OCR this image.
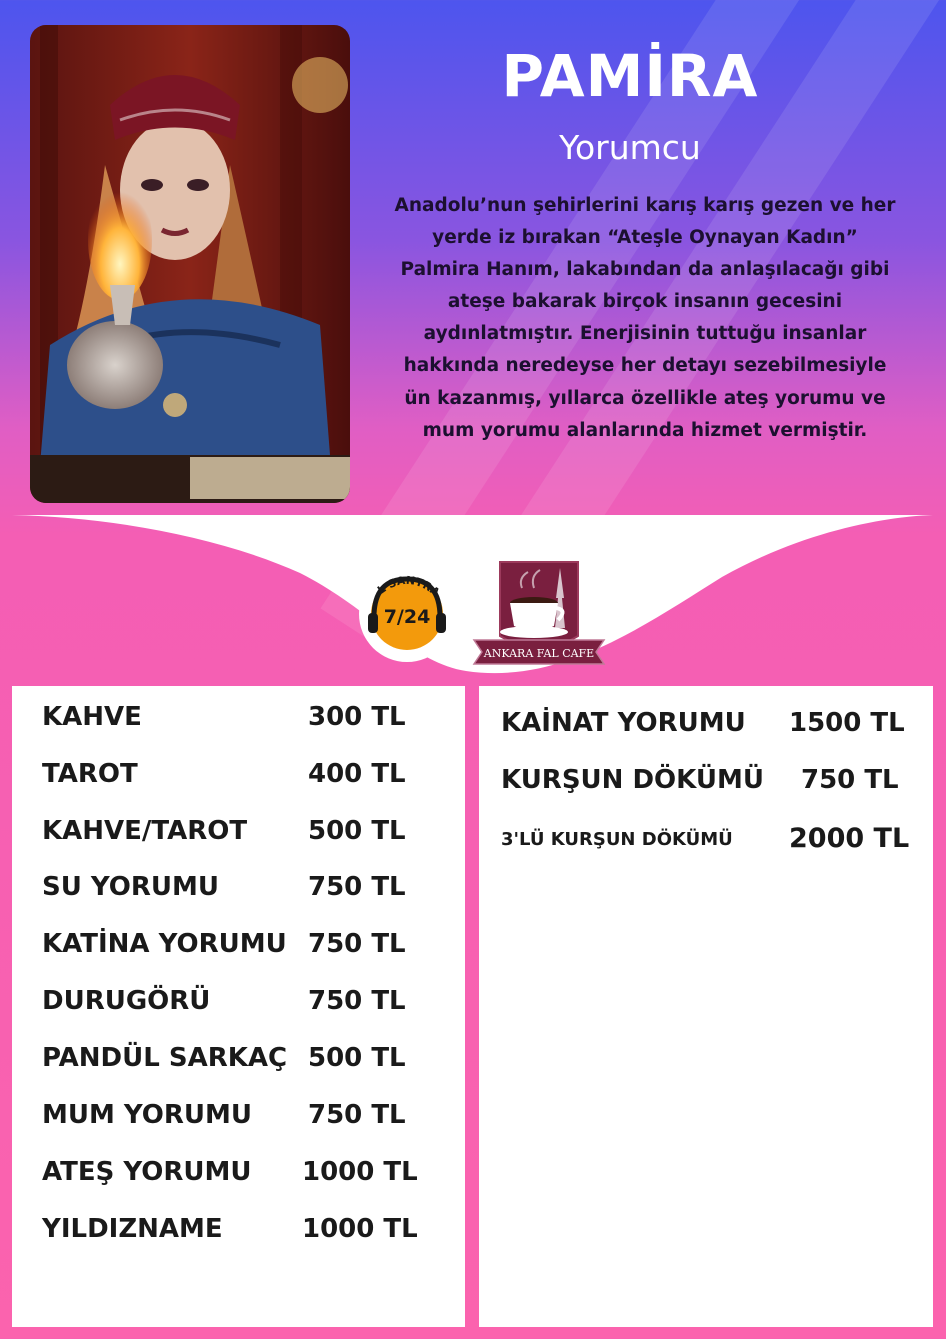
PAMİRA
Yorumcu
Anadolu’nun şehirlerini karış karış gezen ve her
yerde iz bırakan “Ateşle Oynayan Kadın”
Palmira Hanım, lakabından da anlaşılacağı gibi
ateşe bakarak birçok insanın gecesini
aydınlatmıştır. Enerjisinin tuttuğu insanlar
hakkında neredeyse her detayı sezebilmesiyle
ün kazanmış, yıllarca özellikle ateş yorumu ve
mum yorumu alanlarında hizmet vermiştir.
L SANTRA
7/24
ANKARA FAL CAFE
KAHVE	300 TL
TAROT	400 TL
KAHVE/TAROT 500 TL
SU YORUMU	750 TL
KATİNA YORUMU 750 TL
DURUGÖRÜ	750 TL
PANDÜL SARKAÇ 500 TL
MUM YORUMU 750 TL
ATEŞ YORUMU 1000 TL
YILDIZNAME	1000 TL
KAİNAT YORUMU 1500 TL
KURŞUN DÖKÜMÜ 750 TL
3'LÜ KURŞUN DÖKÜMÜ 2000 TL
